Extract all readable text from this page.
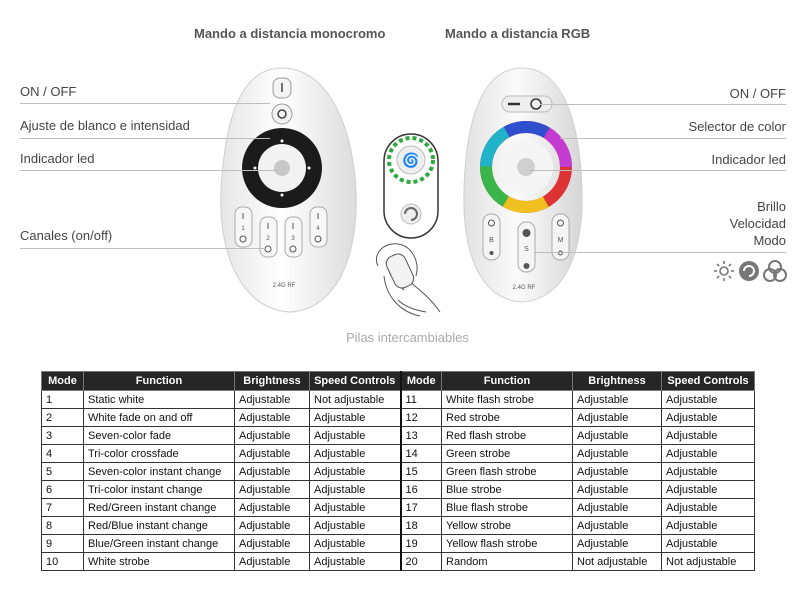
Mando a distancia monocromo	Mando a distancia RGB
1
2	3
4
2.4G RF
🌀
B
S
M
2.4G RF
ON / OFF
Ajuste de blanco e intensidad
Indicador led
Canales (on/off)
ON / OFF
Selector de color
Indicador led
Brillo
Velocidad
Modo
Pilas intercambiables
Mode	Function	Brightness	Speed Controls	Mode	Function	Brightness	Speed Controls
1	Static white	Adjustable	Not adjustable	11	White flash strobe	Adjustable	Adjustable
2	White fade on and off	Adjustable	Adjustable	12	Red strobe	Adjustable	Adjustable
3	Seven-color fade	Adjustable	Adjustable	13	Red flash strobe	Adjustable	Adjustable
4	Tri-color crossfade	Adjustable	Adjustable	14	Green strobe	Adjustable	Adjustable
5	Seven-color instant change	Adjustable	Adjustable	15	Green flash strobe	Adjustable	Adjustable
6	Tri-color instant change	Adjustable	Adjustable	16	Blue strobe	Adjustable	Adjustable
7	Red/Green instant change	Adjustable	Adjustable	17	Blue flash strobe	Adjustable	Adjustable
8	Red/Blue instant change	Adjustable	Adjustable	18	Yellow strobe	Adjustable	Adjustable
9	Blue/Green instant change	Adjustable	Adjustable	19	Yellow flash strobe	Adjustable	Adjustable
10	White strobe	Adjustable	Adjustable	20	Random	Not adjustable	Not adjustable
